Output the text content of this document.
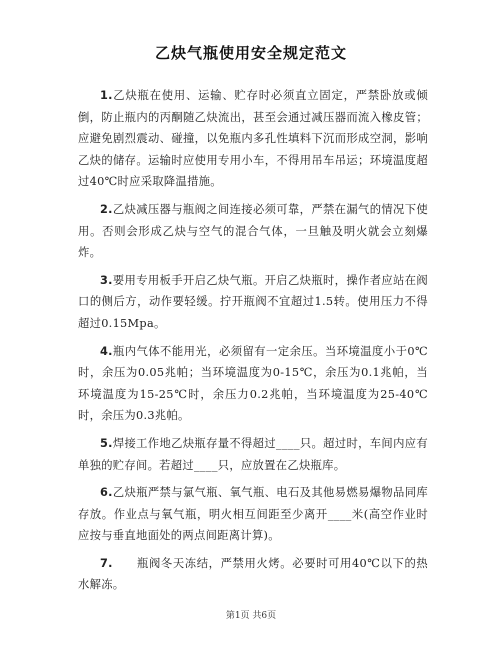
乙炔气瓶使用安全规定范文

1.乙炔瓶在使用、运输、贮存时必须直立固定，严禁卧放或倾倒，防止瓶内的丙酮随乙炔流出，甚至会通过减压器而流入橡皮管；应避免剧烈震动、碰撞，以免瓶内多孔性填料下沉而形成空洞，影响乙炔的储存。运输时应使用专用小车，不得用吊车吊运；环境温度超过40℃时应采取降温措施。

2.乙炔减压器与瓶阀之间连接必须可靠，严禁在漏气的情况下使用。否则会形成乙炔与空气的混合气体，一旦触及明火就会立刻爆炸。

3.要用专用板手开启乙炔气瓶。开启乙炔瓶时，操作者应站在阀口的侧后方，动作要轻缓。拧开瓶阀不宜超过1.5转。使用压力不得超过0.15Mpa。

4.瓶内气体不能用光，必须留有一定余压。当环境温度小于0℃时，余压为0.05兆帕；当环境温度为0-15℃，余压为0.1兆帕，当环境温度为15-25℃时，余压力0.2兆帕，当环境温度为25-40℃时，余压为0.3兆帕。

5.焊接工作地乙炔瓶存量不得超过____只。超过时，车间内应有单独的贮存间。若超过____只，应放置在乙炔瓶库。

6.乙炔瓶严禁与氯气瓶、氧气瓶、电石及其他易燃易爆物品同库存放。作业点与氧气瓶，明火相互间距至少离开____米(高空作业时应按与垂直地面处的两点间距离计算)。

7.　　瓶阀冬天冻结，严禁用火烤。必要时可用40℃以下的热水解冻。

第1页 共6页
